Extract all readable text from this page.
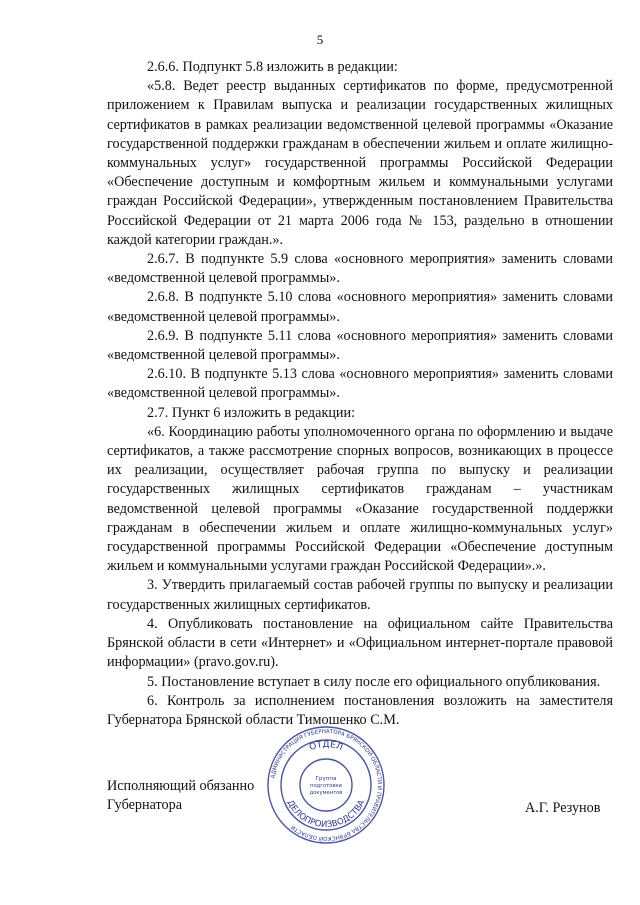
5

2.6.6. Подпункт 5.8 изложить в редакции:

«5.8. Ведет реестр выданных сертификатов по форме, предусмотренной приложением к Правилам выпуска и реализации государственных жилищных сертификатов в рамках реализации ведомственной целевой программы «Оказание государственной поддержки гражданам в обеспечении жильем и оплате жилищно-коммунальных услуг» государственной программы Российской Федерации «Обеспечение доступным и комфортным жильем и коммунальными услугами граждан Российской Федерации», утвержденным постановлением Правительства Российской Федерации от 21 марта 2006 года № 153, раздельно в отношении каждой категории граждан.».

2.6.7. В подпункте 5.9 слова «основного мероприятия» заменить словами «ведомственной целевой программы».

2.6.8. В подпункте 5.10 слова «основного мероприятия» заменить словами «ведомственной целевой программы».

2.6.9. В подпункте 5.11 слова «основного мероприятия» заменить словами «ведомственной целевой программы».

2.6.10. В подпункте 5.13 слова «основного мероприятия» заменить словами «ведомственной целевой программы».

2.7. Пункт 6 изложить в редакции:

«6. Координацию работы уполномоченного органа по оформлению и выдаче сертификатов, а также рассмотрение спорных вопросов, возникающих в процессе их реализации, осуществляет рабочая группа по выпуску и реализации государственных жилищных сертификатов гражданам – участникам ведомственной целевой программы «Оказание государственной поддержки гражданам в обеспечении жильем и оплате жилищно-коммунальных услуг» государственной программы Российской Федерации «Обеспечение доступным жильем и коммунальными услугами граждан Российской Федерации».».

3. Утвердить прилагаемый состав рабочей группы по выпуску и реализации государственных жилищных сертификатов.

4. Опубликовать постановление на официальном сайте Правительства Брянской области в сети «Интернет» и «Официальном интернет-портале правовой информации» (pravo.gov.ru).

5. Постановление вступает в силу после его официального опубликования.

6. Контроль за исполнением постановления возложить на заместителя Губернатора Брянской области Тимошенко С.М.

Исполняющий обязанно
Губернатора
АДМИНИСТРАЦИЯ ГУБЕРНАТОРА БРЯНСКОЙ ОБЛАСТИ И ПРАВИТЕЛЬСТВА БРЯНСКОЙ ОБЛАСТИ
ОТДЕЛ
ДЕЛОПРОИЗВОДСТВА
Группа
подготовки
документов
А.Г. Резунов
